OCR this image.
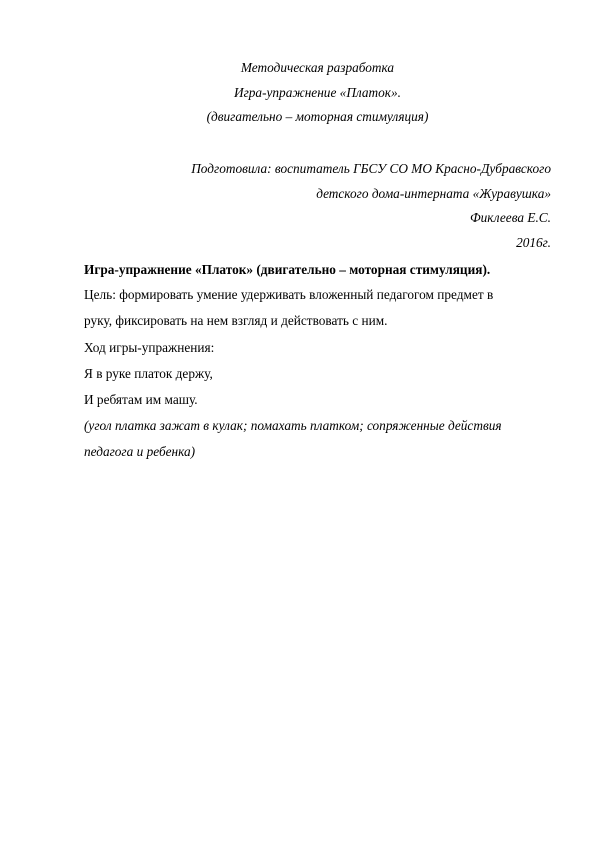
Методическая разработка
Игра-упражнение «Платок».
(двигательно – моторная стимуляция)
Подготовила: воспитатель ГБСУ СО МО Красно-Дубравского
детского дома-интерната «Журавушка»
Фиклеева Е.С.
2016г.
Игра-упражнение «Платок» (двигательно – моторная стимуляция).
Цель: формировать умение удерживать вложенный педагогом предмет в
руку, фиксировать на нем взгляд и действовать с ним.
Ход игры-упражнения:
Я в руке платок держу,
И ребятам им машу.
(угол платка зажат в кулак; помахать платком; сопряженные действия
педагога и ребенка)
